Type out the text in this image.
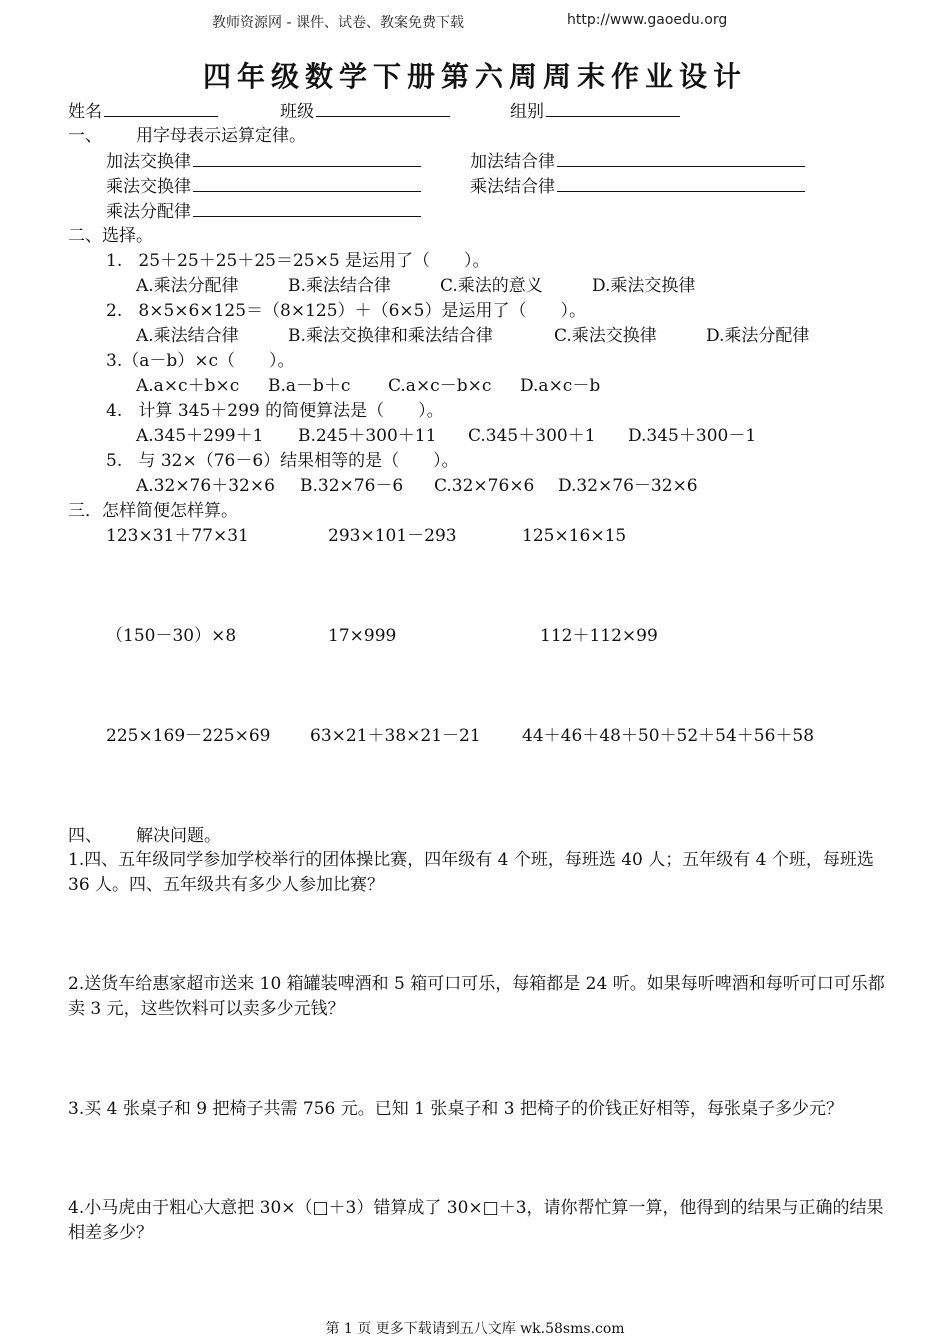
教师资源网 - 课件、试卷、教案免费下载	http://www.gaoedu.org
四年级数学下册第六周周末作业设计
姓名	班级	组别
一、 用字母表示运算定律。
加法交换律	加法结合律
乘法交换律	乘法结合律
乘法分配律
二、选择。
1.   25＋25＋25＋25＝25×5 是运用了（　　）。
A.乘法分配律	B.乘法结合律	C.乘法的意义	D.乘法交换律
2.   8×5×6×125＝（8×125）＋（6×5）是运用了（　　）。
A.乘法结合律	B.乘法交换律和乘法结合律	C.乘法交换律	D.乘法分配律
3.（a－b）×c（　　）。
A.a×c＋b×c B.a－b＋c C.a×c－b×c D.a×c－b
4.   计算 345＋299 的简便算法是（　　）。
A.345＋299＋1 B.245＋300＋11 C.345＋300＋1 D.345＋300－1
5.   与 32×（76－6）结果相等的是（　　）。
A.32×76＋32×6 B.32×76－6 C.32×76×6 D.32×76－32×6
三．怎样简便怎样算。
123×31＋77×31	293×101－293	125×16×15
（150－30）×8	17×999	112＋112×99
225×169－225×69 63×21＋38×21－21 44＋46＋48＋50＋52＋54＋56＋58
四、 解决问题。
1.四、五年级同学参加学校举行的团体操比赛，四年级有 4 个班，每班选 40 人；五年级有 4 个班，每班选 36 人。四、五年级共有多少人参加比赛？
2.送货车给惠家超市送来 10 箱罐装啤酒和 5 箱可口可乐，每箱都是 24 听。如果每听啤酒和每听可口可乐都卖 3 元，这些饮料可以卖多少元钱？
3.买 4 张桌子和 9 把椅子共需 756 元。已知 1 张桌子和 3 把椅子的价钱正好相等，每张桌子多少元？
4.小马虎由于粗心大意把 30×（□＋3）错算成了 30×□＋3，请你帮忙算一算，他得到的结果与正确的结果相差多少？
第 1 页 更多下载请到五八文库 wk.58sms.com
